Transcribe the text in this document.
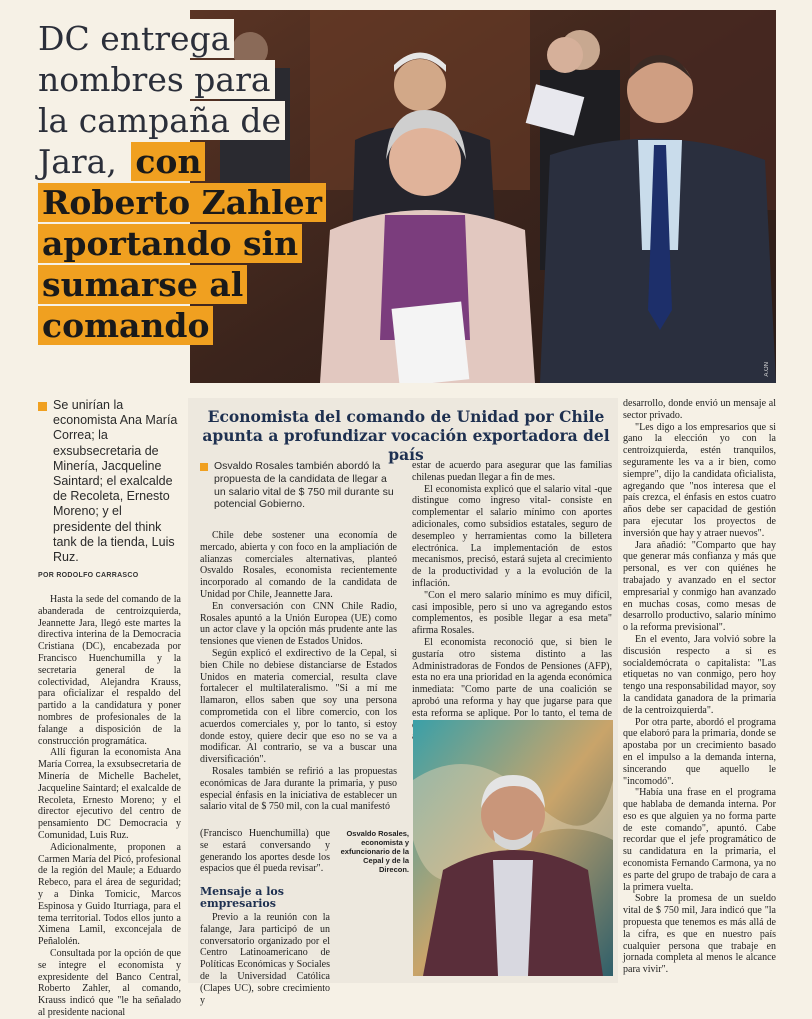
A.ON
DC entrega
nombres para
la campaña de
Jara, con Roberto Zahler aportando sin sumarse al comando

Se unirían la economista Ana María Correa; la exsubsecretaria de Minería, Jacqueline Saintard; el exalcalde de Recoleta, Ernesto Moreno; y el presidente del think tank de la tienda, Luis Ruz.

POR RODOLFO CARRASCO

Hasta la sede del comando de la abanderada de centroizquierda, Jeannette Jara, llegó este martes la directiva interina de la Democracia Cristiana (DC), encabezada por Francisco Huenchumilla y la secretaria general de la colectividad, Alejandra Krauss, para oficializar el respaldo del partido a la candidatura y poner nombres de profesionales de la falange a disposición de la construcción programática.

Allí figuran la economista Ana María Correa, la exsubsecretaria de Minería de Michelle Bachelet, Jacqueline Saintard; el exalcalde de Recoleta, Ernesto Moreno; y el director ejecutivo del centro de pensamiento DC Democracia y Comunidad, Luis Ruz.

Adicionalmente, proponen a Carmen María del Picó, profesional de la región del Maule; a Eduardo Rebeco, para el área de seguridad; y a Dinka Tomicic, Marcos Espinosa y Guido Iturriaga, para el tema territorial. Todos ellos junto a Ximena Lamil, exconcejala de Peñalolén.

Consultada por la opción de que se integre el economista y expresidente del Banco Central, Roberto Zahler, al comando, Krauss indicó que "le ha señalado al presidente nacional

Economista del comando de Unidad por Chile apunta a profundizar vocación exportadora del país

Osvaldo Rosales también abordó la propuesta de la candidata de llegar a un salario vital de $ 750 mil durante su potencial Gobierno.

Chile debe sostener una economía de mercado, abierta y con foco en la ampliación de alianzas comerciales alternativas, planteó Osvaldo Rosales, economista recientemente incorporado al comando de la candidata de Unidad por Chile, Jeannette Jara.

En conversación con CNN Chile Radio, Rosales apuntó a la Unión Europea (UE) como un actor clave y la opción más prudente ante las tensiones que vienen de Estados Unidos.

Según explicó el exdirectivo de la Cepal, si bien Chile no debiese distanciarse de Estados Unidos en materia comercial, resulta clave fortalecer el multilateralismo. "Si a mí me llamaron, ellos saben que soy una persona comprometida con el libre comercio, con los acuerdos comerciales y, por lo tanto, si estoy donde estoy, quiere decir que eso no se va a modificar. Al contrario, se va a buscar una diversificación".

Rosales también se refirió a las propuestas económicas de Jara durante la primaria, y puso especial énfasis en la iniciativa de establecer un salario vital de $ 750 mil, con la cual manifestó

(Francisco Huenchumilla) que se estará conversando y generando los aportes desde los espacios que él pueda revisar".

Mensaje a los empresarios

Previo a la reunión con la falange, Jara participó de un conversatorio organizado por el Centro Latinoamericano de Políticas Económicas y Sociales de la Universidad Católica (Clapes UC), sobre crecimiento y

estar de acuerdo para asegurar que las familias chilenas puedan llegar a fin de mes.

El economista explicó que el salario vital -que distingue como ingreso vital- consiste en complementar el salario mínimo con aportes adicionales, como subsidios estatales, seguro de desempleo y herramientas como la billetera electrónica. La implementación de estos mecanismos, precisó, estará sujeta al crecimiento de la productividad y a la evolución de la inflación.

"Con el mero salario mínimo es muy difícil, casi imposible, pero si uno va agregando estos complementos, es posible llegar a esa meta" afirma Rosales.

El economista reconoció que, si bien le gustaría otro sistema distinto a las Administradoras de Fondos de Pensiones (AFP), esta no era una prioridad en la agenda económica inmediata: "Como parte de una coalición se aprobó una reforma y hay que jugarse para que esta reforma se aplique. Por lo tanto, el tema de

Osvaldo Rosales, economista y exfuncionario de la Cepal y de la Direcon.

desarrollo, donde envió un mensaje al sector privado.

"Les digo a los empresarios que si gano la elección yo con la centroizquierda, estén tranquilos, seguramente les va a ir bien, como siempre", dijo la candidata oficialista, agregando que "nos interesa que el país crezca, el énfasis en estos cuatro años debe ser capacidad de gestión para ejecutar los proyectos de inversión que hay y atraer nuevos".

Jara añadió: "Comparto que hay que generar más confianza y más que personal, es ver con quiénes he trabajado y avanzado en el sector empresarial y conmigo han avanzado en muchas cosas, como mesas de desarrollo productivo, salario mínimo o la reforma previsional".

En el evento, Jara volvió sobre la discusión respecto a si es socialdemócrata o capitalista: "Las etiquetas no van conmigo, pero hoy tengo una responsabilidad mayor, soy la candidata ganadora de la primaria de la centroizquierda".

Por otra parte, abordó el programa que elaboró para la primaria, donde se apostaba por un crecimiento basado en el impulso a la demanda interna, sincerando que aquello le "incomodó".

"Había una frase en el programa que hablaba de demanda interna. Por eso es que alguien ya no forma parte de este comando", apuntó. Cabe recordar que el jefe programático de su candidatura en la primaria, el economista Fernando Carmona, ya no es parte del grupo de trabajo de cara a la primera vuelta.

Sobre la promesa de un sueldo vital de $ 750 mil, Jara indicó que "la propuesta que tenemos es más allá de la cifra, es que en nuestro país cualquier persona que trabaje en jornada completa al menos le alcance para vivir".
